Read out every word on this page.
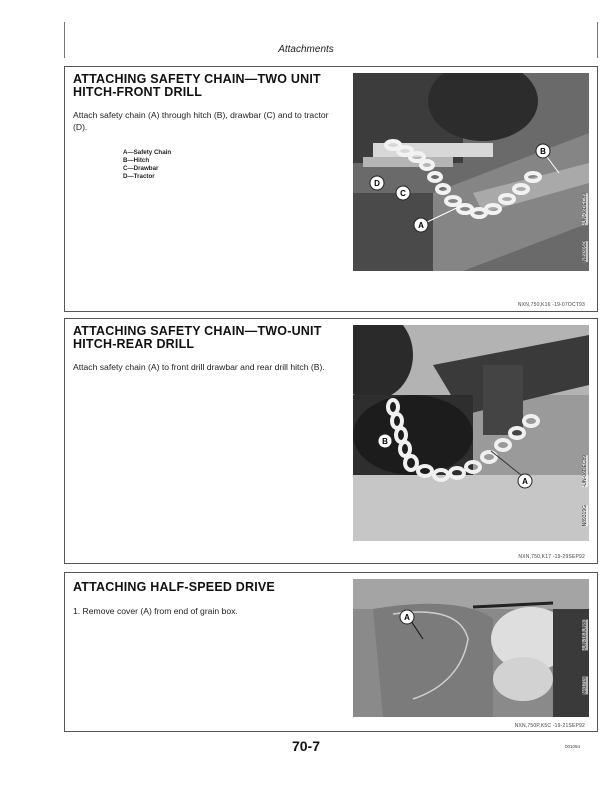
Attachments
ATTACHING SAFETY CHAIN—TWO UNIT HITCH-FRONT DRILL
Attach safety chain (A) through hitch (B), drawbar (C) and to tractor (D).
A—Safety Chain
B—Hitch
C—Drawbar
D—Tractor
A
B
C
D
-UN-06DEC89
N89305D
NXN,750,K16 -19-07OCT93
ATTACHING SAFETY CHAIN—TWO-UNIT HITCH-REAR DRILL
Attach safety chain (A) to front drill drawbar and rear drill hitch (B).
A
B
-UN-06DEC89
N89319G
NXN,750,K17 -19-29SEP92
ATTACHING HALF-SPEED DRIVE
1. Remove cover (A) from end of grain box.
A
-UN-16JUN80
N41719
NXN,750P,K5C -19-21SEP92
70-7	001094
